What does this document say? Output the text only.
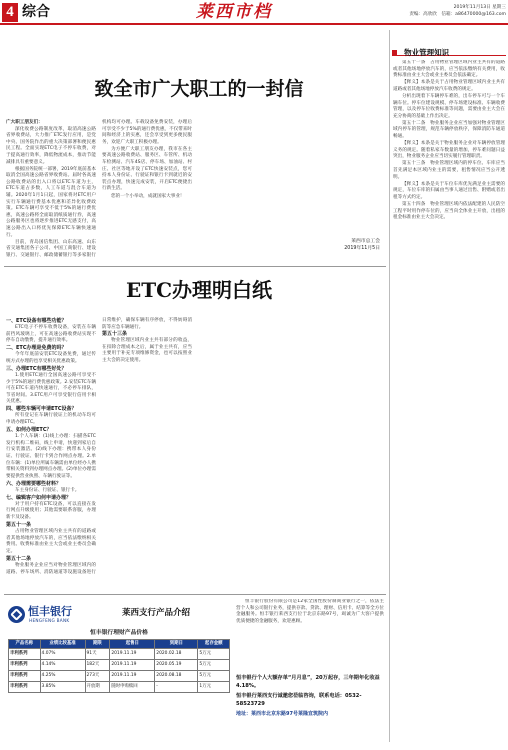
4 综合	莱西市档	2019年11月13日 星期三
责编：高欣欣 信箱：a86470000@163.com
致全市广大职工的一封信
广大职工朋友们：

深化收费公路制度改革，取消高速公路省界收费站，大力推广ETC发行应用，是党中央、国务院作出的重大决策部署和便民惠民工程。全面实现ETC电子不停车收费，对于提高通行效率，降低物流成本，推动节能减排具有重要意义。

根据国务院统一部署，2019年底前基本取消全国高速公路省界收费站。届时各高速公路收费站的出入口将以ETC车道为主，ETC车道占多数，人工车道与混合车道为辅。2020年1月1日起，国家将对ETC用户实行车辆通行费基本优惠和差异化收费政策。ETC车辆可享受不低于5%的通行费优惠，高速公路将全面取消纸质通行券，高速公路服务区也将逐步推进ETC无感支付，高速公路出入口将优先保障ETC车辆快速通行。

目前，青岛国信集团、山东高速、山东省交通集团各子公司、中国工商银行、建设银行、交通银行、邮政储蓄银行等多家银行机构均可办理。车载设备免费安装，办理后可享受不少于5%的通行费优惠，不仅带来时间和经济上的实惠，还会享受到更多便民服务，欢迎广大职工积极办理。

为方便广大职工朋友办理，我市在各主要高速公路收费站、服务区、车管所、机动车检测站、汽车4S店、停车场、加油站、村庄、社区等地开设了ETC快速安装点，您可持本人身份证、行驶证和银行卡到就近的安装点办理，快速完成安装，开启ETC便捷出行新生活。

您的一个小举动，成就国家大事业！

莱西市总工会
2019年11月5日
ETC办理明白纸
一、ETC设备有哪些功能？

ETC电子不停车收费设备，安装在车辆前挡风玻璃上，可在高速公路收费站实现不停车自动缴费，提升通行效率。

二、ETC办理是免费的吗？

今年年底前安装ETC设备免费，通过传统方式办理的也享受相关优惠政策。

三、办理ETC有哪些好处？

1.使用ETC通行全国高速公路可享受不少于5%的通行费优惠政策。2.安装ETC车辆可在ETC车道内快速通行，不必停车排队，节省时间。3.ETC用户可享受银行信用卡相关优惠。

四、哪些车辆可申请ETC设备？

所有登记在车辆行驶证上的机动车均可申请办理ETC。

五、如何办理ETC？

1.个人车辆：(1)线上办理：扫描各ETC发行机构二维码，线上申请，快递到家后自行安装激活。(2)线下办理：携带本人身份证、行驶证、银行卡到合作网点办理。2.单位车辆：(1)单位所属车辆需由单位经办人携带相关资料到办理网点办理。(2)单位办理需要提供营业执照、车辆行驶证等。

六、办理需要哪些材料？

车主身份证、行驶证、银行卡。

七、编辑客户如何申请办理？

对于用户持有ETC设备，可以直接在发行网点升级使用；其他需要联系客服，办理新卡及设备。

第五十一条

占用物业管理区域内业主共有的道路或者其他场地停放汽车的，应当依法缴纳相关费用。收费标准由业主大会或业主委员会确定。

第五十二条

物业服务企业应当对物业管理区域内的道路、停车场所、消防通道等设施设备进行日常维护，确保车辆有序停放，不得妨碍消防等应急车辆通行。

第五十三条

物业管理区域内业主共有部分的收益，在扣除合理成本之后，属于业主共有，应当主要用于补充专项维修资金，也可以按照业主大会的决定使用。

物业管理知识

第五十一条　占用物业管理区域内业主共有的道路或者其他场地停放汽车的，应当依法缴纳有关费用，收费标准由业主大会或业主委员会依法确定。

【释义】本条是关于占用物业管理区域内业主共有道路或者其他场地停放汽车收费的规定。

分析出现着下车辆停车难的，出车停车可与一个车辆车位。停车位建设规模、停车场建设标准、车辆收费管理，以及停车位收费标准等问题，需要由业主大会在充分协商的基础上作出决定。

第五十二条　物业服务企业应当加强对物业管理区域内停车的管理，规范车辆停放秩序，保障消防车通道畅通。

【释义】本条是关于物业服务企业对车辆停放管理义务的规定。随着私家车数量的增加，停车难问题日益突出，物业服务企业应当切实履行管理职责。

第五十三条　物业管理区域内的停车位、车库应当首先满足本区域内业主的需要，租售情况应当公开透明。

【释义】本条是关于车位车库优先满足业主需要的规定，车位车库的归属由当事人通过出售、附赠或者出租等方式约定。

第五十四条　物业管理区域内依法配建的人民防空工程平时用作停车位的，应当向全体业主开放，出租的租金标准由业主大会决定。

恒丰银行
HENGFENG BANK
莱西支行产品介绍
恒丰银行理财产品价格
产品名称	业绩比较基准	期限	起售日	到期日	起存金额
丰利系列	4.07%	91天	2019.11.19	2020.02.18	5万元
丰利系列	4.14%	182天	2019.11.19	2020.05.19	5万元
丰利系列	4.25%	273天	2019.11.19	2020.08.18	5万元
丰利系列	3.85%	开放期	随时申购赎回	-	1万元
恒丰银行股份有限公司是12家全国性股份制商业银行之一，依法主营个人和公司银行业务，提供存款、贷款、理财、信用卡、结算等全方位金融服务。恒丰银行莱西支行位于北京东路97号，竭诚为广大客户提供优质便捷的金融服务，欢迎惠顾。
恒丰银行个人大额存单“月月息”，20万起存，三年期年化收益4.18%。
恒丰银行莱西支行诚邀您莅临咨询，联系电话：0532-58523729
地址：莱西市北京东路97号莱隆宜筑院内
